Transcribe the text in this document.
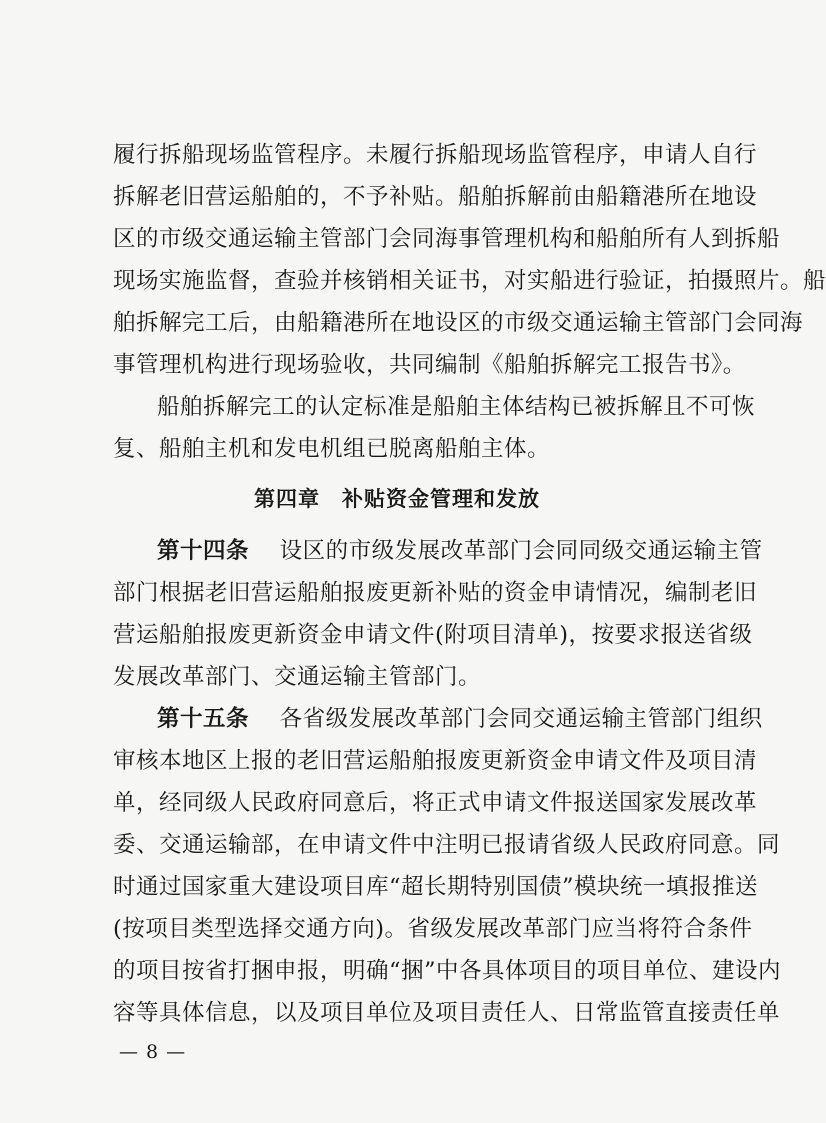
履行拆船现场监管程序。未履行拆船现场监管程序，申请人自行
拆解老旧营运船舶的，不予补贴。船舶拆解前由船籍港所在地设
区的市级交通运输主管部门会同海事管理机构和船舶所有人到拆船
现场实施监督，查验并核销相关证书，对实船进行验证，拍摄照片。船
舶拆解完工后，由船籍港所在地设区的市级交通运输主管部门会同海
事管理机构进行现场验收，共同编制《船舶拆解完工报告书》。
船舶拆解完工的认定标准是船舶主体结构已被拆解且不可恢
复、船舶主机和发电机组已脱离船舶主体。
第四章　补贴资金管理和发放
第十四条　 设区的市级发展改革部门会同同级交通运输主管
部门根据老旧营运船舶报废更新补贴的资金申请情况，编制老旧
营运船舶报废更新资金申请文件(附项目清单)，按要求报送省级
发展改革部门、交通运输主管部门。
第十五条　 各省级发展改革部门会同交通运输主管部门组织
审核本地区上报的老旧营运船舶报废更新资金申请文件及项目清
单，经同级人民政府同意后，将正式申请文件报送国家发展改革
委、交通运输部，在申请文件中注明已报请省级人民政府同意。同
时通过国家重大建设项目库“超长期特别国债”模块统一填报推送
(按项目类型选择交通方向)。省级发展改革部门应当将符合条件
的项目按省打捆申报，明确“捆”中各具体项目的项目单位、建设内
容等具体信息，以及项目单位及项目责任人、日常监管直接责任单
— 8 —
